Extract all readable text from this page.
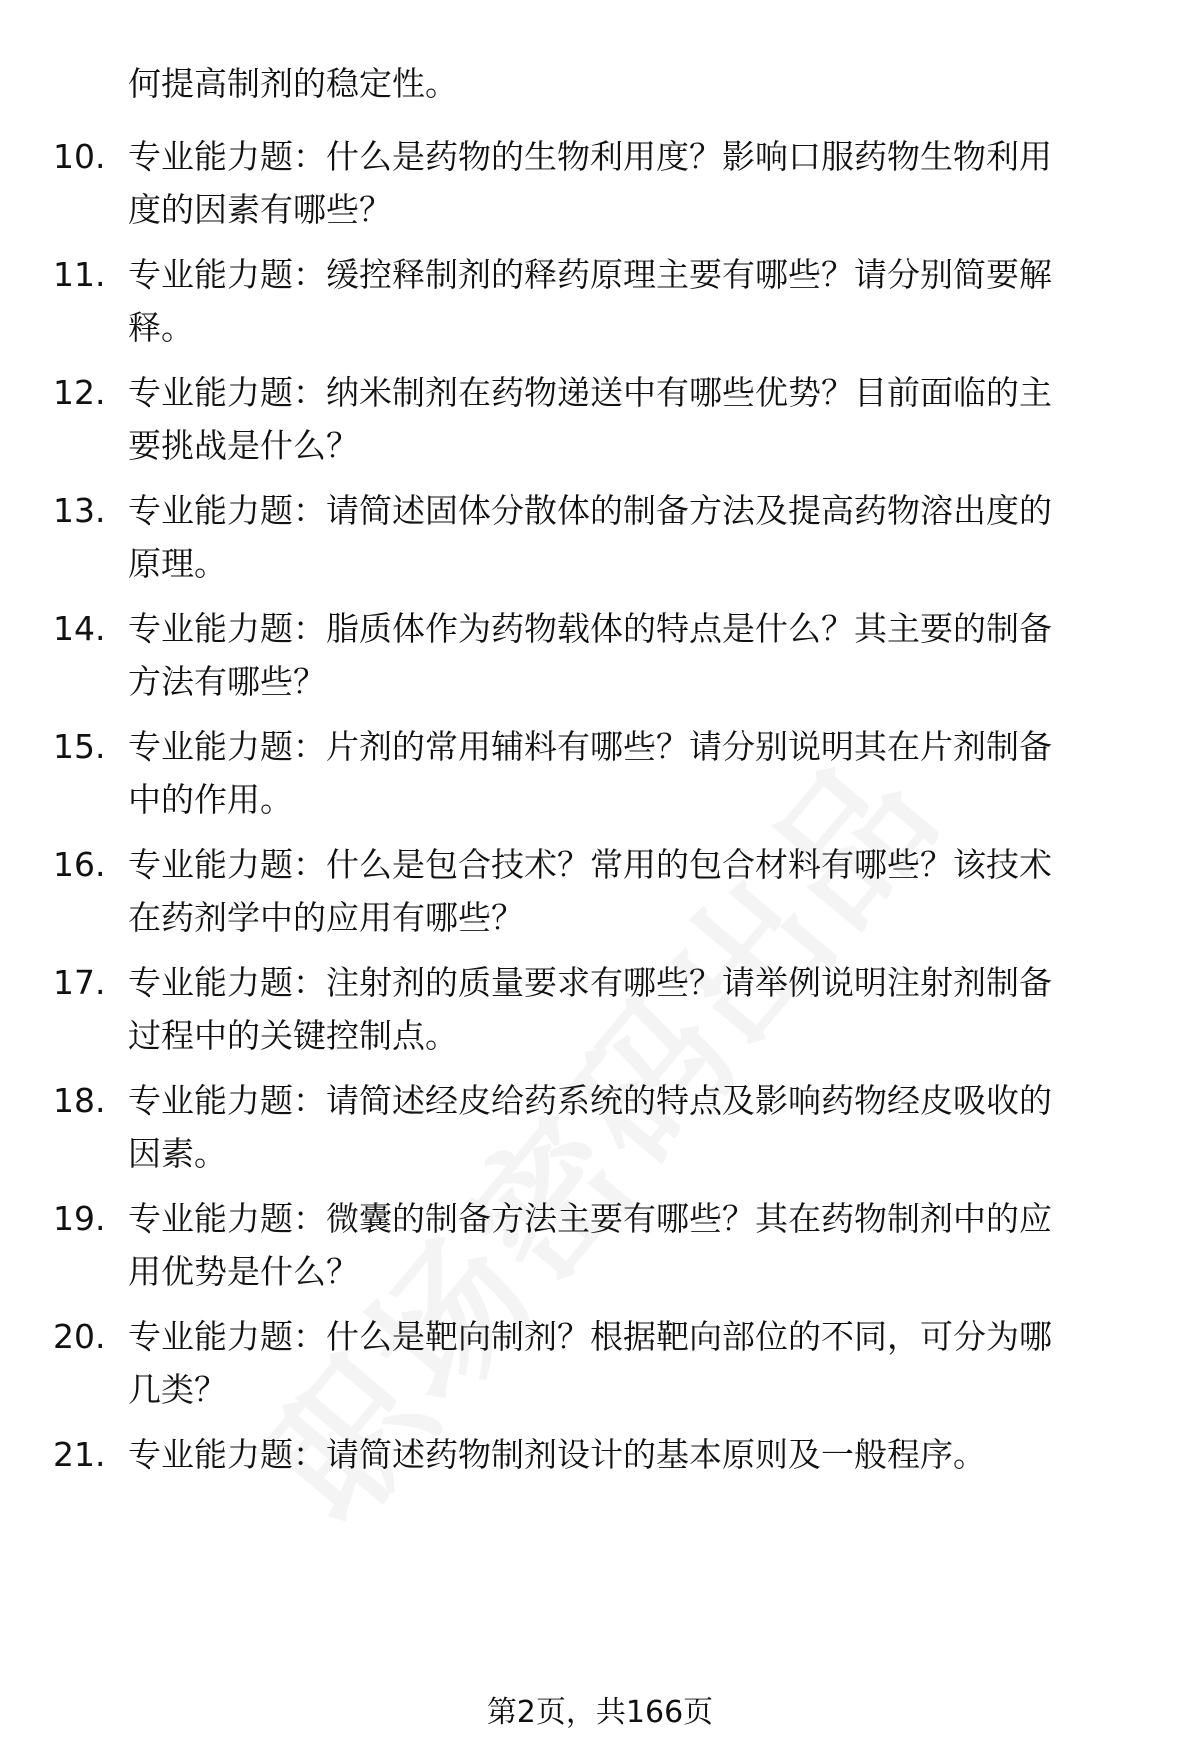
何提高制剂的稳定性。
10. 专业能力题：什么是药物的生物利用度？影响口服药物生物利用
度的因素有哪些？
11. 专业能力题：缓控释制剂的释药原理主要有哪些？请分别简要解
释。
12. 专业能力题：纳米制剂在药物递送中有哪些优势？目前面临的主
要挑战是什么？
13. 专业能力题：请简述固体分散体的制备方法及提高药物溶出度的
原理。
14. 专业能力题：脂质体作为药物载体的特点是什么？其主要的制备
方法有哪些？
15. 专业能力题：片剂的常用辅料有哪些？请分别说明其在片剂制备
中的作用。
16. 专业能力题：什么是包合技术？常用的包合材料有哪些？该技术
在药剂学中的应用有哪些？
17. 专业能力题：注射剂的质量要求有哪些？请举例说明注射剂制备
过程中的关键控制点。
18. 专业能力题：请简述经皮给药系统的特点及影响药物经皮吸收的
因素。
19. 专业能力题：微囊的制备方法主要有哪些？其在药物制剂中的应
用优势是什么？
20. 专业能力题：什么是靶向制剂？根据靶向部位的不同，可分为哪
几类？
21. 专业能力题：请简述药物制剂设计的基本原则及一般程序。
第2页，共166页
